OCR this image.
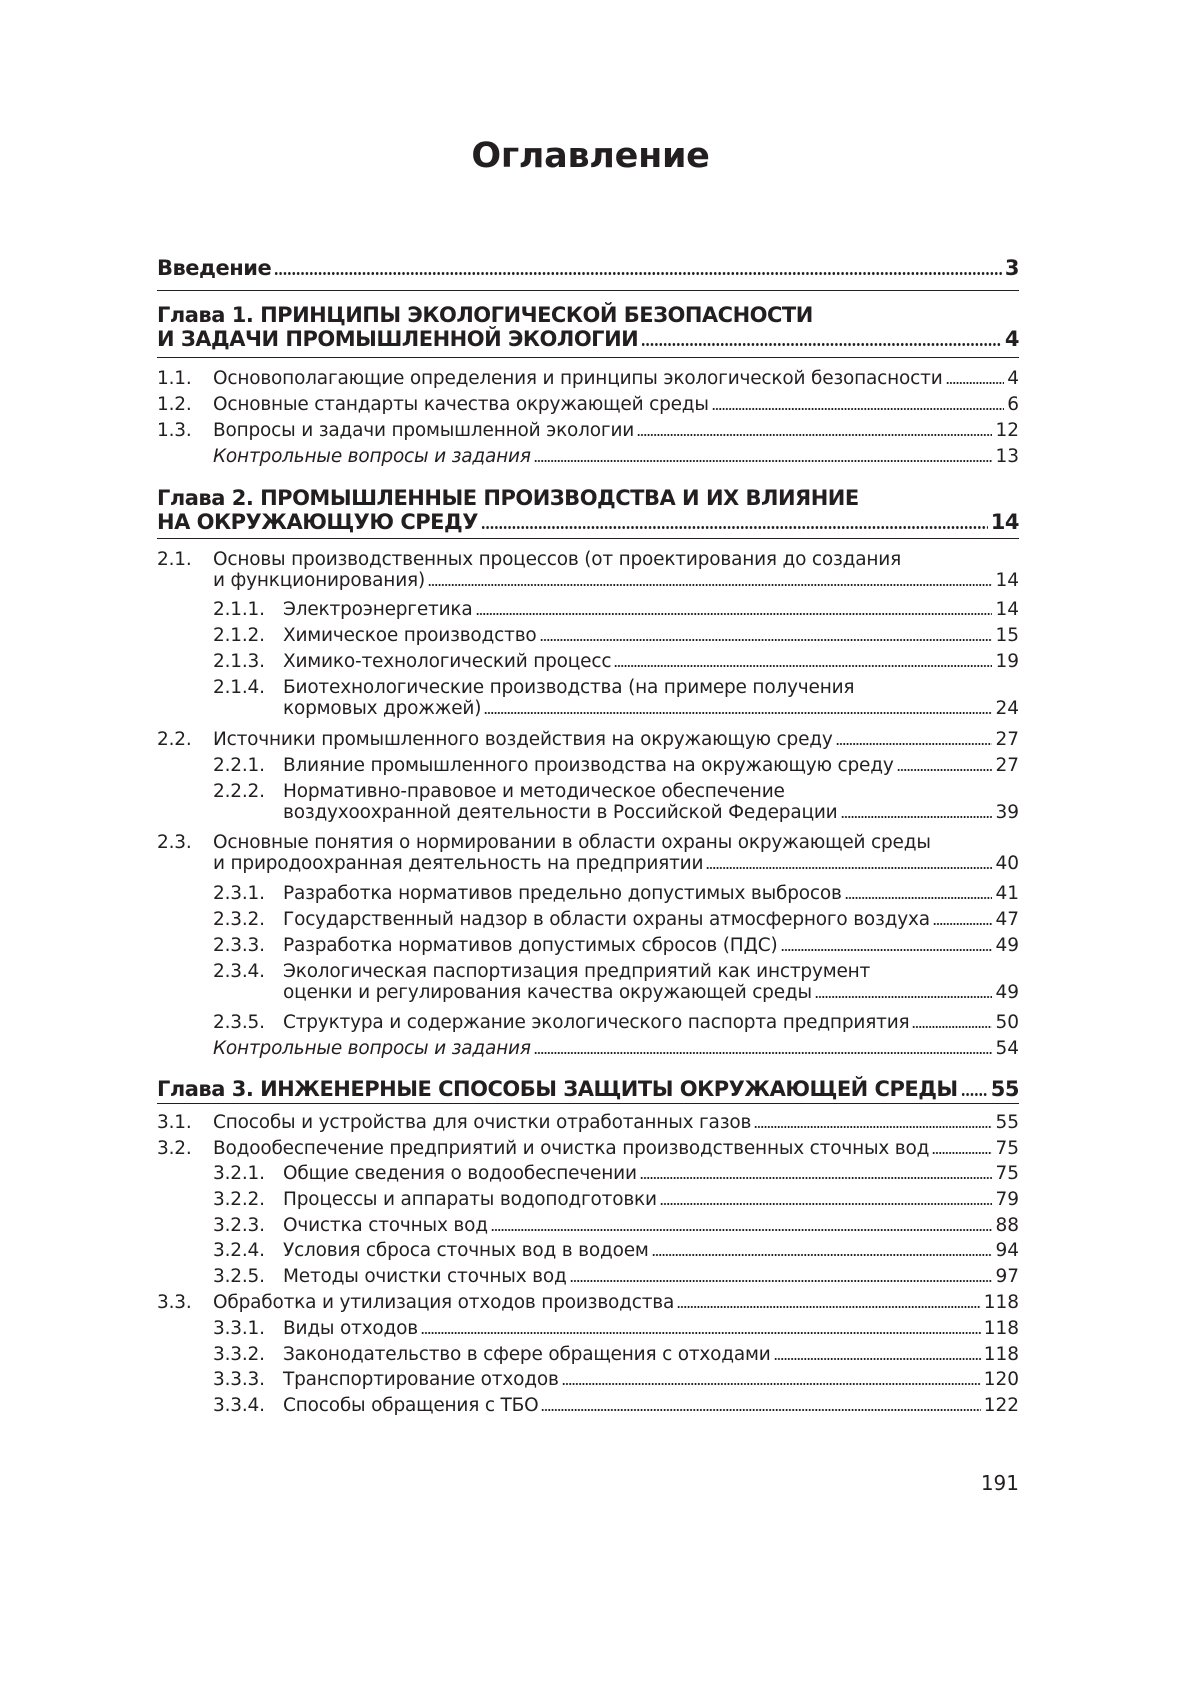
Оглавление
Введение	3
Глава 1. ПРИНЦИПЫ ЭКОЛОГИЧЕСКОЙ БЕЗОПАСНОСТИ
И ЗАДАЧИ ПРОМЫШЛЕННОЙ ЭКОЛОГИИ	4
1.1.	Основополагающие определения и принципы экологической безопасности	4
1.2.	Основные стандарты качества окружающей среды	6
1.3.	Вопросы и задачи промышленной экологии	12
Контрольные вопросы и задания	13
Глава 2. ПРОМЫШЛЕННЫЕ ПРОИЗВОДСТВА И ИХ ВЛИЯНИЕ
НА ОКРУЖАЮЩУЮ СРЕДУ	14
2.1.	Основы производственных процессов (от проектирования до создания
и функционирования)	14
2.1.1. Электроэнергетика	14
2.1.2. Химическое производство	15
2.1.3. Химико-технологический процесс	19
2.1.4. Биотехнологические производства (на примере получения
кормовых дрожжей)	24
2.2.	Источники промышленного воздействия на окружающую среду	27
2.2.1. Влияние промышленного производства на окружающую среду	27
2.2.2. Нормативно-правовое и методическое обеспечение
воздухоохранной деятельности в Российской Федерации	39
2.3.	Основные понятия о нормировании в области охраны окружающей среды
и природоохранная деятельность на предприятии	40
2.3.1. Разработка нормативов предельно допустимых выбросов	41
2.3.2. Государственный надзор в области охраны атмосферного воздуха	47
2.3.3. Разработка нормативов допустимых сбросов (ПДС)	49
2.3.4. Экологическая паспортизация предприятий как инструмент
оценки и регулирования качества окружающей среды	49
2.3.5. Структура и содержание экологического паспорта предприятия	50
Контрольные вопросы и задания	54
Глава 3. ИНЖЕНЕРНЫЕ СПОСОБЫ ЗАЩИТЫ ОКРУЖАЮЩЕЙ СРЕДЫ 55
3.1.	Способы и устройства для очистки отработанных газов	55
3.2.	Водообеспечение предприятий и очистка производственных сточных вод	75
3.2.1. Общие сведения о водообеспечении	75
3.2.2. Процессы и аппараты водоподготовки	79
3.2.3. Очистка сточных вод	88
3.2.4. Условия сброса сточных вод в водоем	94
3.2.5. Методы очистки сточных вод	97
3.3.	Обработка и утилизация отходов производства	118
3.3.1. Виды отходов	118
3.3.2. Законодательство в сфере обращения с отходами	118
3.3.3. Транспортирование отходов	120
3.3.4. Способы обращения с ТБО	122

191
